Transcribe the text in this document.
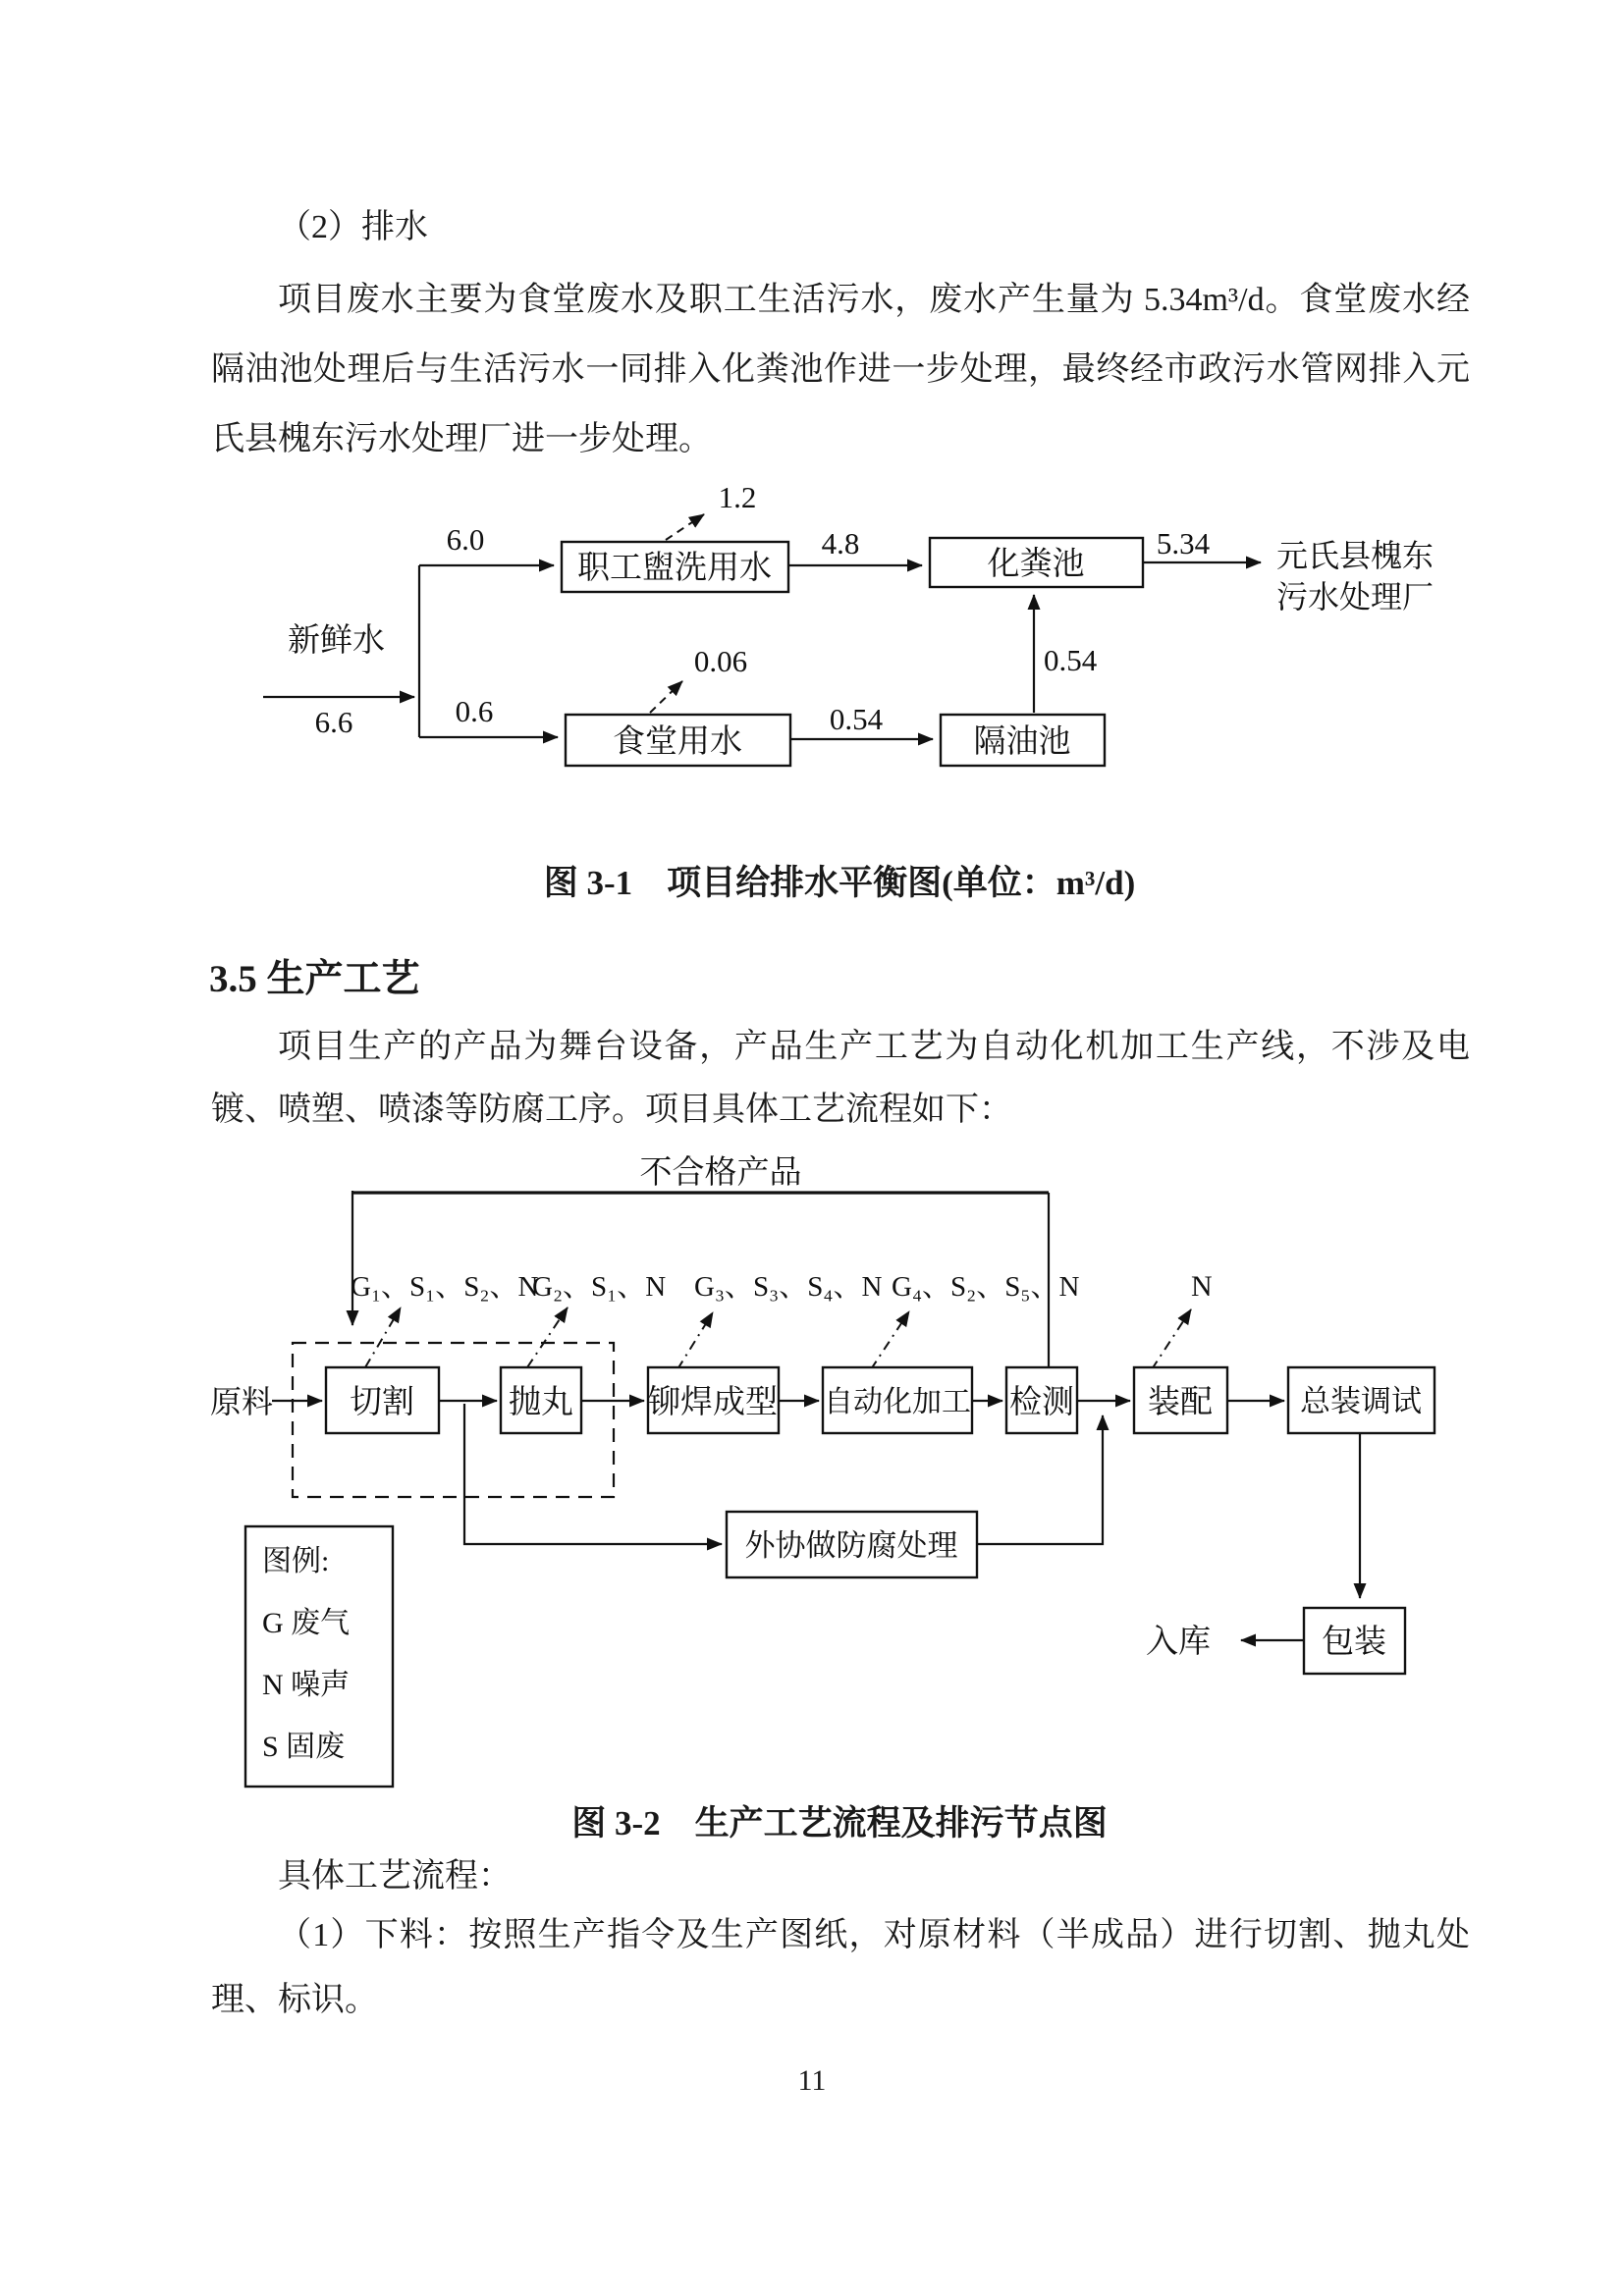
（2）排水
项目废水主要为食堂废水及职工生活污水，废水产生量为 5.34m³/d。食堂废水经隔油池处理后与生活污水一同排入化粪池作进一步处理，最终经市政污水管网排入元氏县槐东污水处理厂进一步处理。
新鲜水
6.6
6.0
0.6
1.2
0.06
4.8
0.54
5.34
0.54
职工盥洗用水	化粪池
食堂用水	隔油池
元氏县槐东
污水处理厂
图 3-1　项目给排水平衡图(单位：m³/d)
3.5 生产工艺
项目生产的产品为舞台设备，产品生产工艺为自动化机加工生产线，不涉及电镀、喷塑、喷漆等防腐工序。项目具体工艺流程如下：
图例:
G 废气
N 噪声
S 固废
不合格产品
原料
G₁、S₁、S₂、N
G₂、S₁、N G₃、S₃、S₄、N G₄、S₂、S₅、N	N
切割	抛丸 铆焊成型 自动化加工 检测 装配	总装调试
外协做防腐处理
包装
入库
图 3-2　生产工艺流程及排污节点图
具体工艺流程：
（1）下料：按照生产指令及生产图纸，对原材料（半成品）进行切割、抛丸处理、标识。
11
